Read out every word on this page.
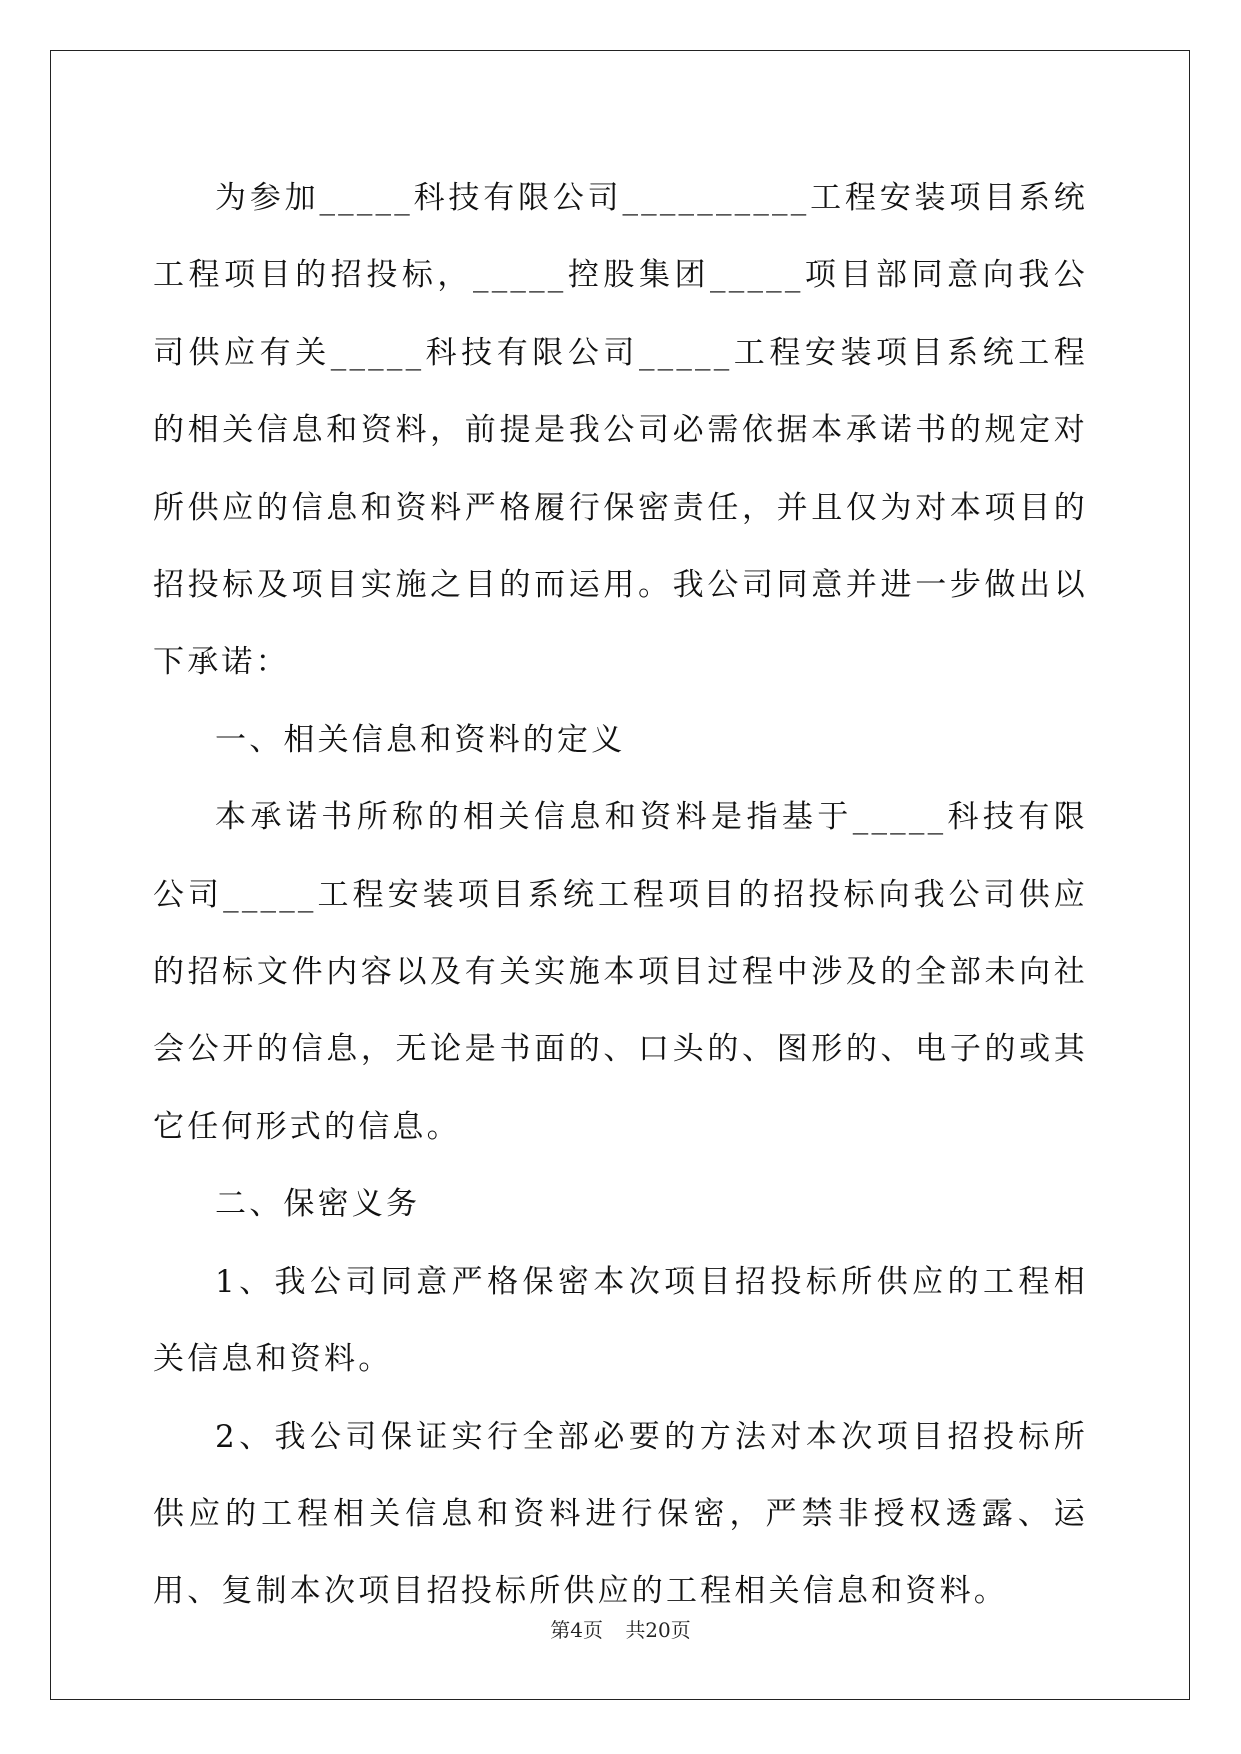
为参加_____科技有限公司__________工程安装项目系统工程项目的招投标，_____控股集团_____项目部同意向我公司供应有关_____科技有限公司_____工程安装项目系统工程的相关信息和资料，前提是我公司必需依据本承诺书的规定对所供应的信息和资料严格履行保密责任，并且仅为对本项目的招投标及项目实施之目的而运用。我公司同意并进一步做出以下承诺：

一、相关信息和资料的定义

本承诺书所称的相关信息和资料是指基于_____科技有限公司_____工程安装项目系统工程项目的招投标向我公司供应的招标文件内容以及有关实施本项目过程中涉及的全部未向社会公开的信息，无论是书面的、口头的、图形的、电子的或其它任何形式的信息。

二、保密义务

1、我公司同意严格保密本次项目招投标所供应的工程相关信息和资料。

2、我公司保证实行全部必要的方法对本次项目招投标所供应的工程相关信息和资料进行保密，严禁非授权透露、运用、复制本次项目招投标所供应的工程相关信息和资料。

第4页 共20页
